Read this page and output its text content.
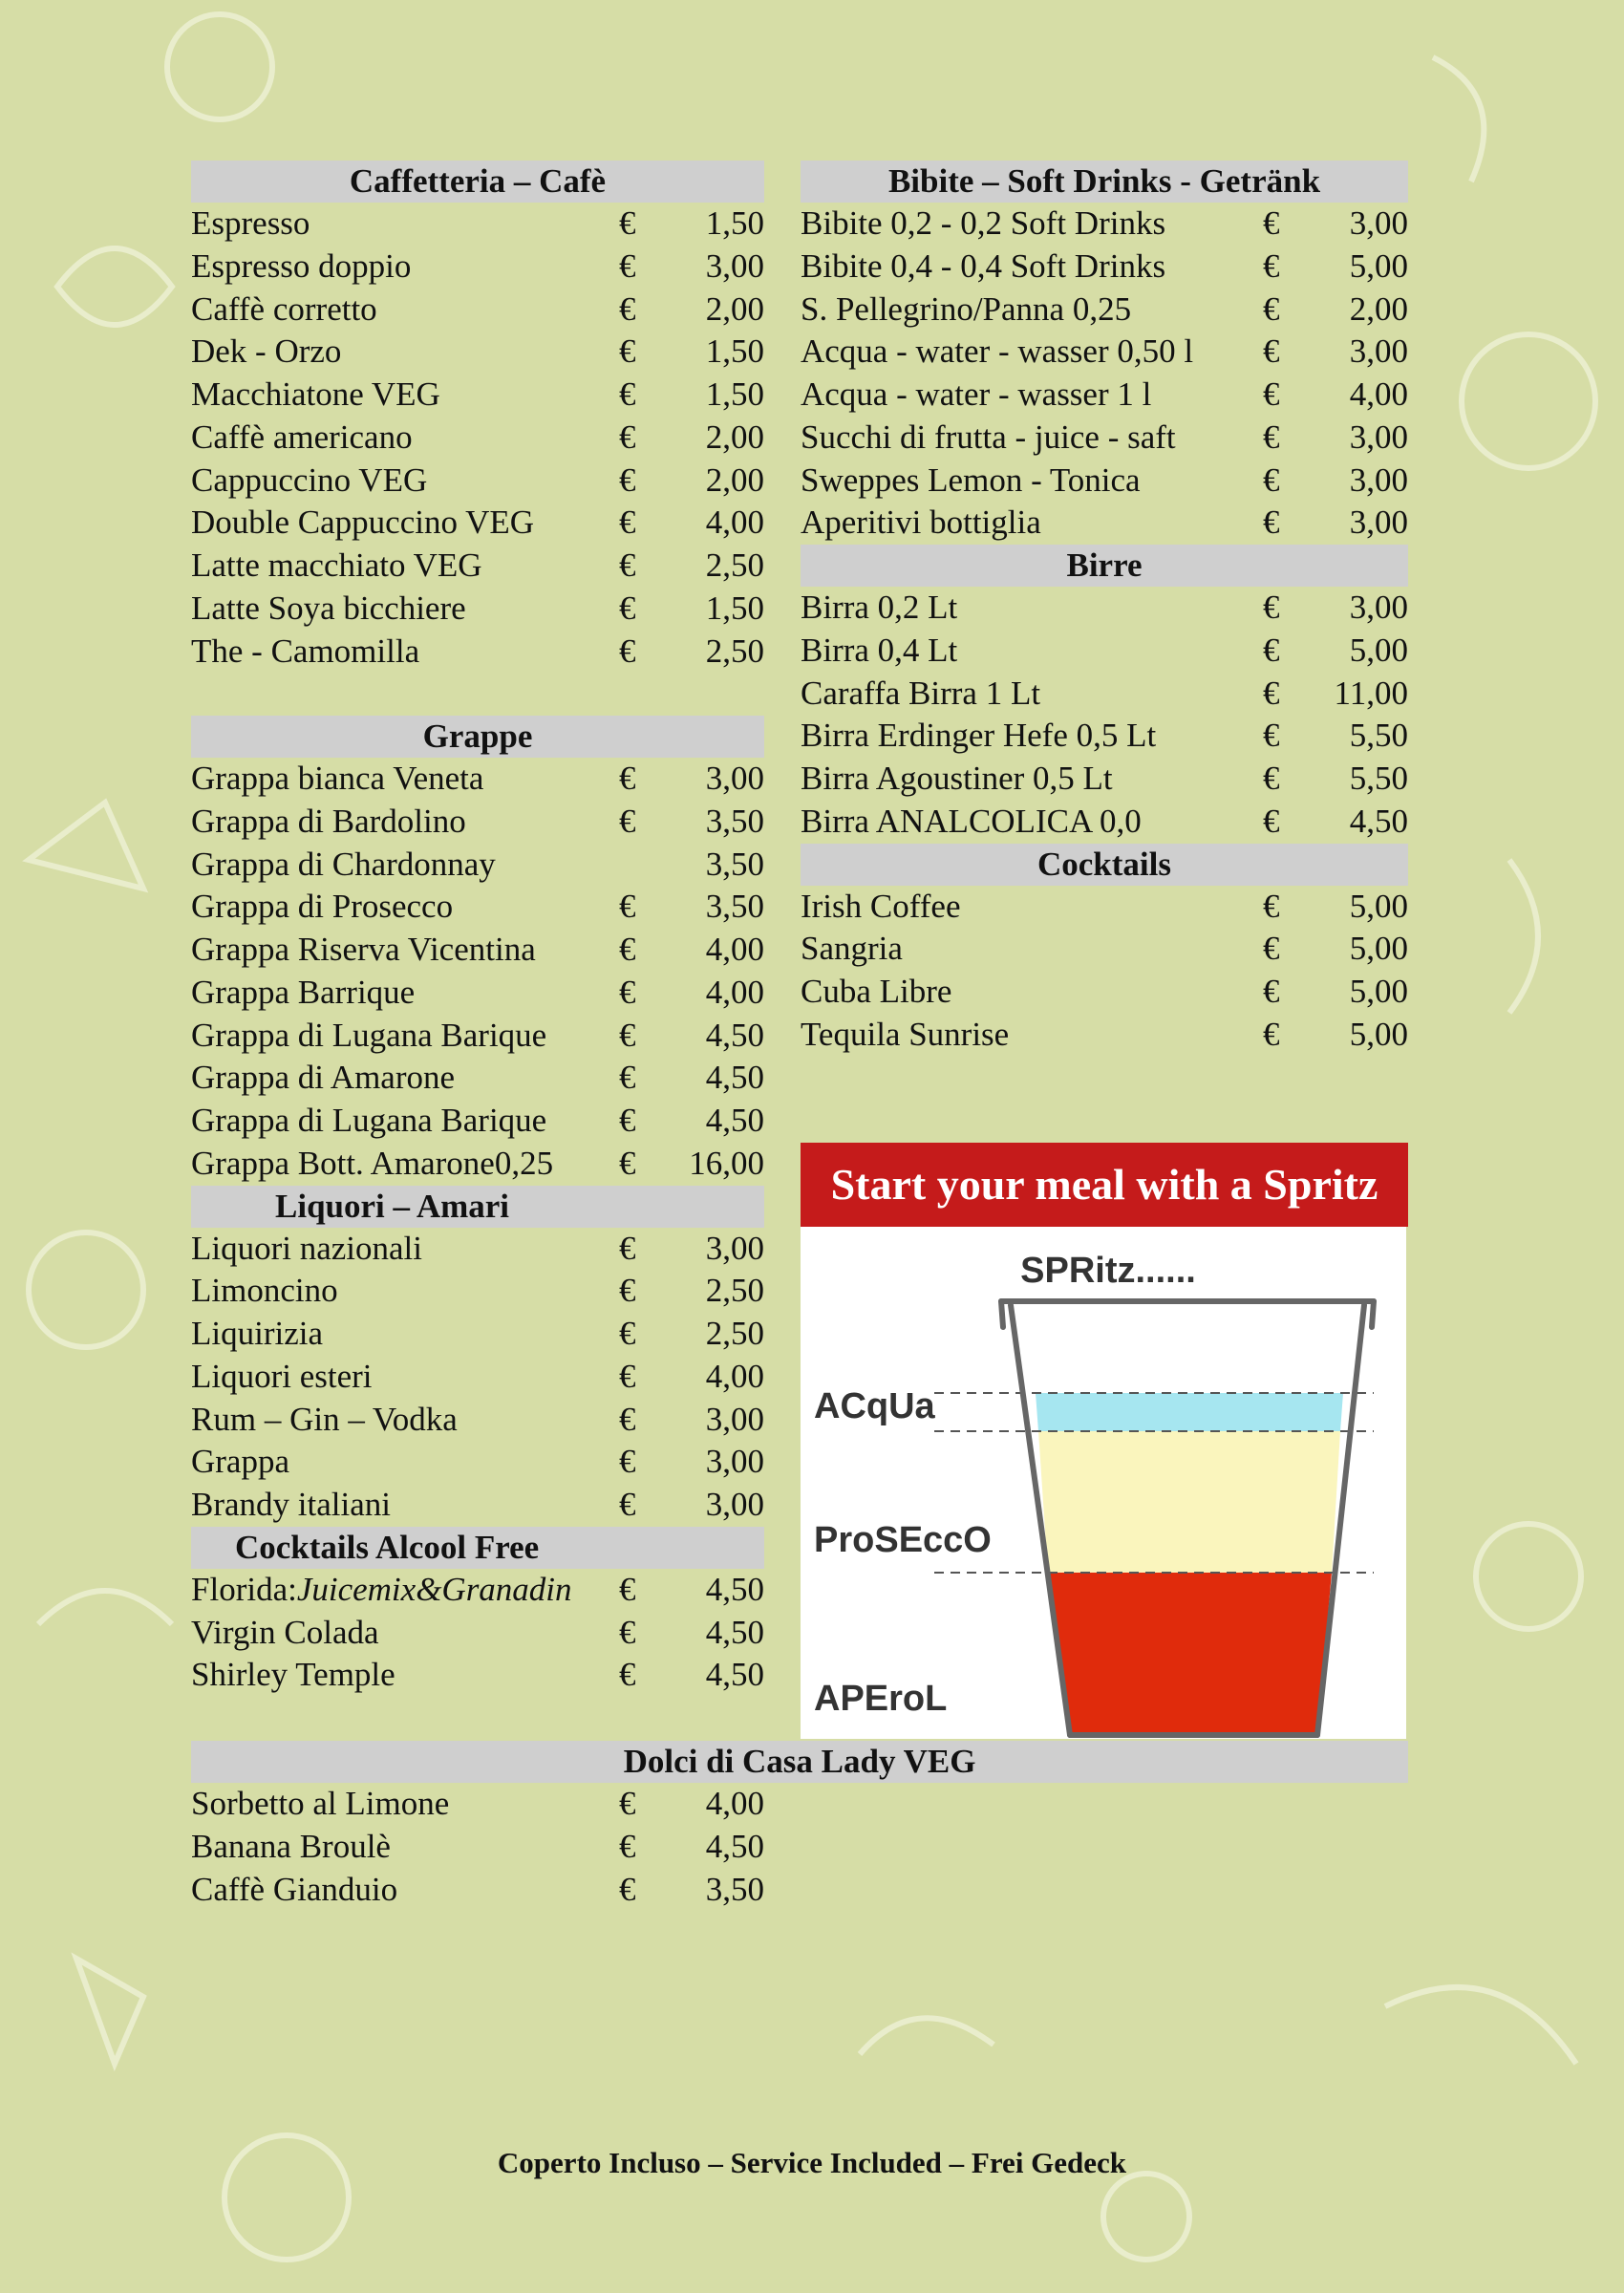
Caffetteria – Cafè
Espresso	€ 1,50
Espresso doppio	€ 3,00
Caffè corretto	€ 2,00
Dek - Orzo	€ 1,50
Macchiatone VEG	€ 1,50
Caffè americano	€ 2,00
Cappuccino VEG	€ 2,00
Double Cappuccino VEG	€ 4,00
Latte macchiato VEG	€ 2,50
Latte Soya bicchiere	€ 1,50
The - Camomilla	€ 2,50
Grappe
Grappa bianca Veneta	€ 3,00
Grappa di Bardolino	€ 3,50
Grappa di Chardonnay	3,50
Grappa di Prosecco	€ 3,50
Grappa Riserva Vicentina € 4,00
Grappa Barrique	€ 4,00
Grappa di Lugana Barique € 4,50
Grappa di Amarone	€ 4,50
Grappa di Lugana Barique € 4,50
Grappa Bott. Amarone0,25 € 16,00
Liquori – Amari
Liquori nazionali	€ 3,00
Limoncino	€ 2,50
Liquirizia	€ 2,50
Liquori esteri	€ 4,00
Rum – Gin – Vodka	€ 3,00
Grappa	€ 3,00
Brandy italiani	€ 3,00
Cocktails Alcool Free
Florida:Juicemix&Granadin € 4,50
Virgin Colada	€ 4,50
Shirley Temple	€ 4,50
Bibite – Soft Drinks - Getränk
Bibite 0,2 - 0,2 Soft Drinks	€ 3,00
Bibite 0,4 - 0,4 Soft Drinks	€ 5,00
S. Pellegrino/Panna 0,25	€ 2,00
Acqua - water - wasser 0,50 l € 3,00
Acqua - water - wasser 1 l	€ 4,00
Succhi di frutta - juice - saft	€ 3,00
Sweppes Lemon - Tonica	€ 3,00
Aperitivi bottiglia	€ 3,00
Birre
Birra 0,2 Lt	€ 3,00
Birra 0,4 Lt	€ 5,00
Caraffa Birra 1 Lt	€ 11,00
Birra Erdinger Hefe 0,5 Lt	€ 5,50
Birra Agoustiner 0,5 Lt	€ 5,50
Birra ANALCOLICA 0,0	€ 4,50
Cocktails
Irish Coffee	€ 5,00
Sangria	€ 5,00
Cuba Libre	€ 5,00
Tequila Sunrise	€ 5,00
Start your meal with a Spritz
SPRitz......
ACqUa
ProSEccO
APEroL
Dolci di Casa Lady VEG
Sorbetto al Limone	€ 4,00
Banana Broulè	€ 4,50
Caffè Gianduio	€ 3,50
Coperto Incluso – Service Included – Frei Gedeck
